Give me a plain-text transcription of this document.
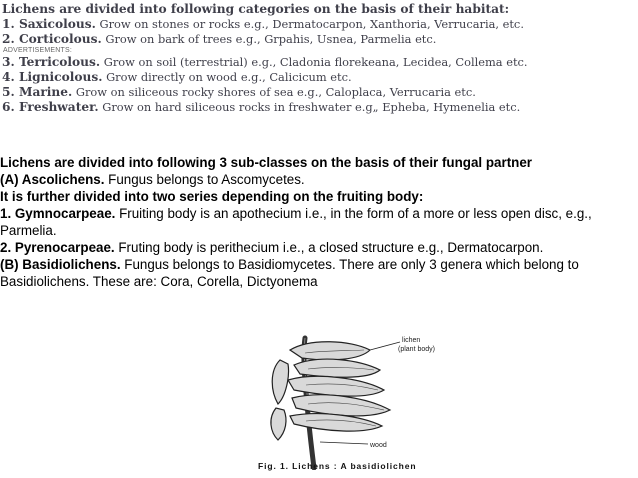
Lichens are divided into following categories on the basis of their habitat:
1. Saxicolous. Grow on stones or rocks e.g., Dermatocarpon, Xanthoria, Verrucaria, etc.
2. Corticolous. Grow on bark of trees e.g., Grpahis, Usnea, Parmelia etc.
ADVERTISEMENTS:
3. Terricolous. Grow on soil (terrestrial) e.g., Cladonia florekeana, Lecidea, Collema etc.
4. Lignicolous. Grow directly on wood e.g., Calicicum etc.
5. Marine. Grow on siliceous rocky shores of sea e.g., Caloplaca, Verrucaria etc.
6. Freshwater. Grow on hard siliceous rocks in freshwater e.g„ Epheba, Hymenelia etc.
Lichens are divided into following 3 sub-classes on the basis of their fungal partner
(A) Ascolichens. Fungus belongs to Ascomycetes.
It is further divided into two series depending on the fruiting body:
1. Gymnocarpeae. Fruiting body is an apothecium i.e., in the form of a more or less open disc, e.g., Parmelia.
2. Pyrenocarpeae. Fruting body is perithecium i.e., a closed structure e.g., Dermatocarpon.
(B) Basidiolichens. Fungus belongs to Basidiomycetes. There are only 3 genera which belong to Basidiolichens. These are: Cora, Corella, Dictyonema
lichen
(plant body)
wood
Fig. 1. Lichens : A basidiolichen
